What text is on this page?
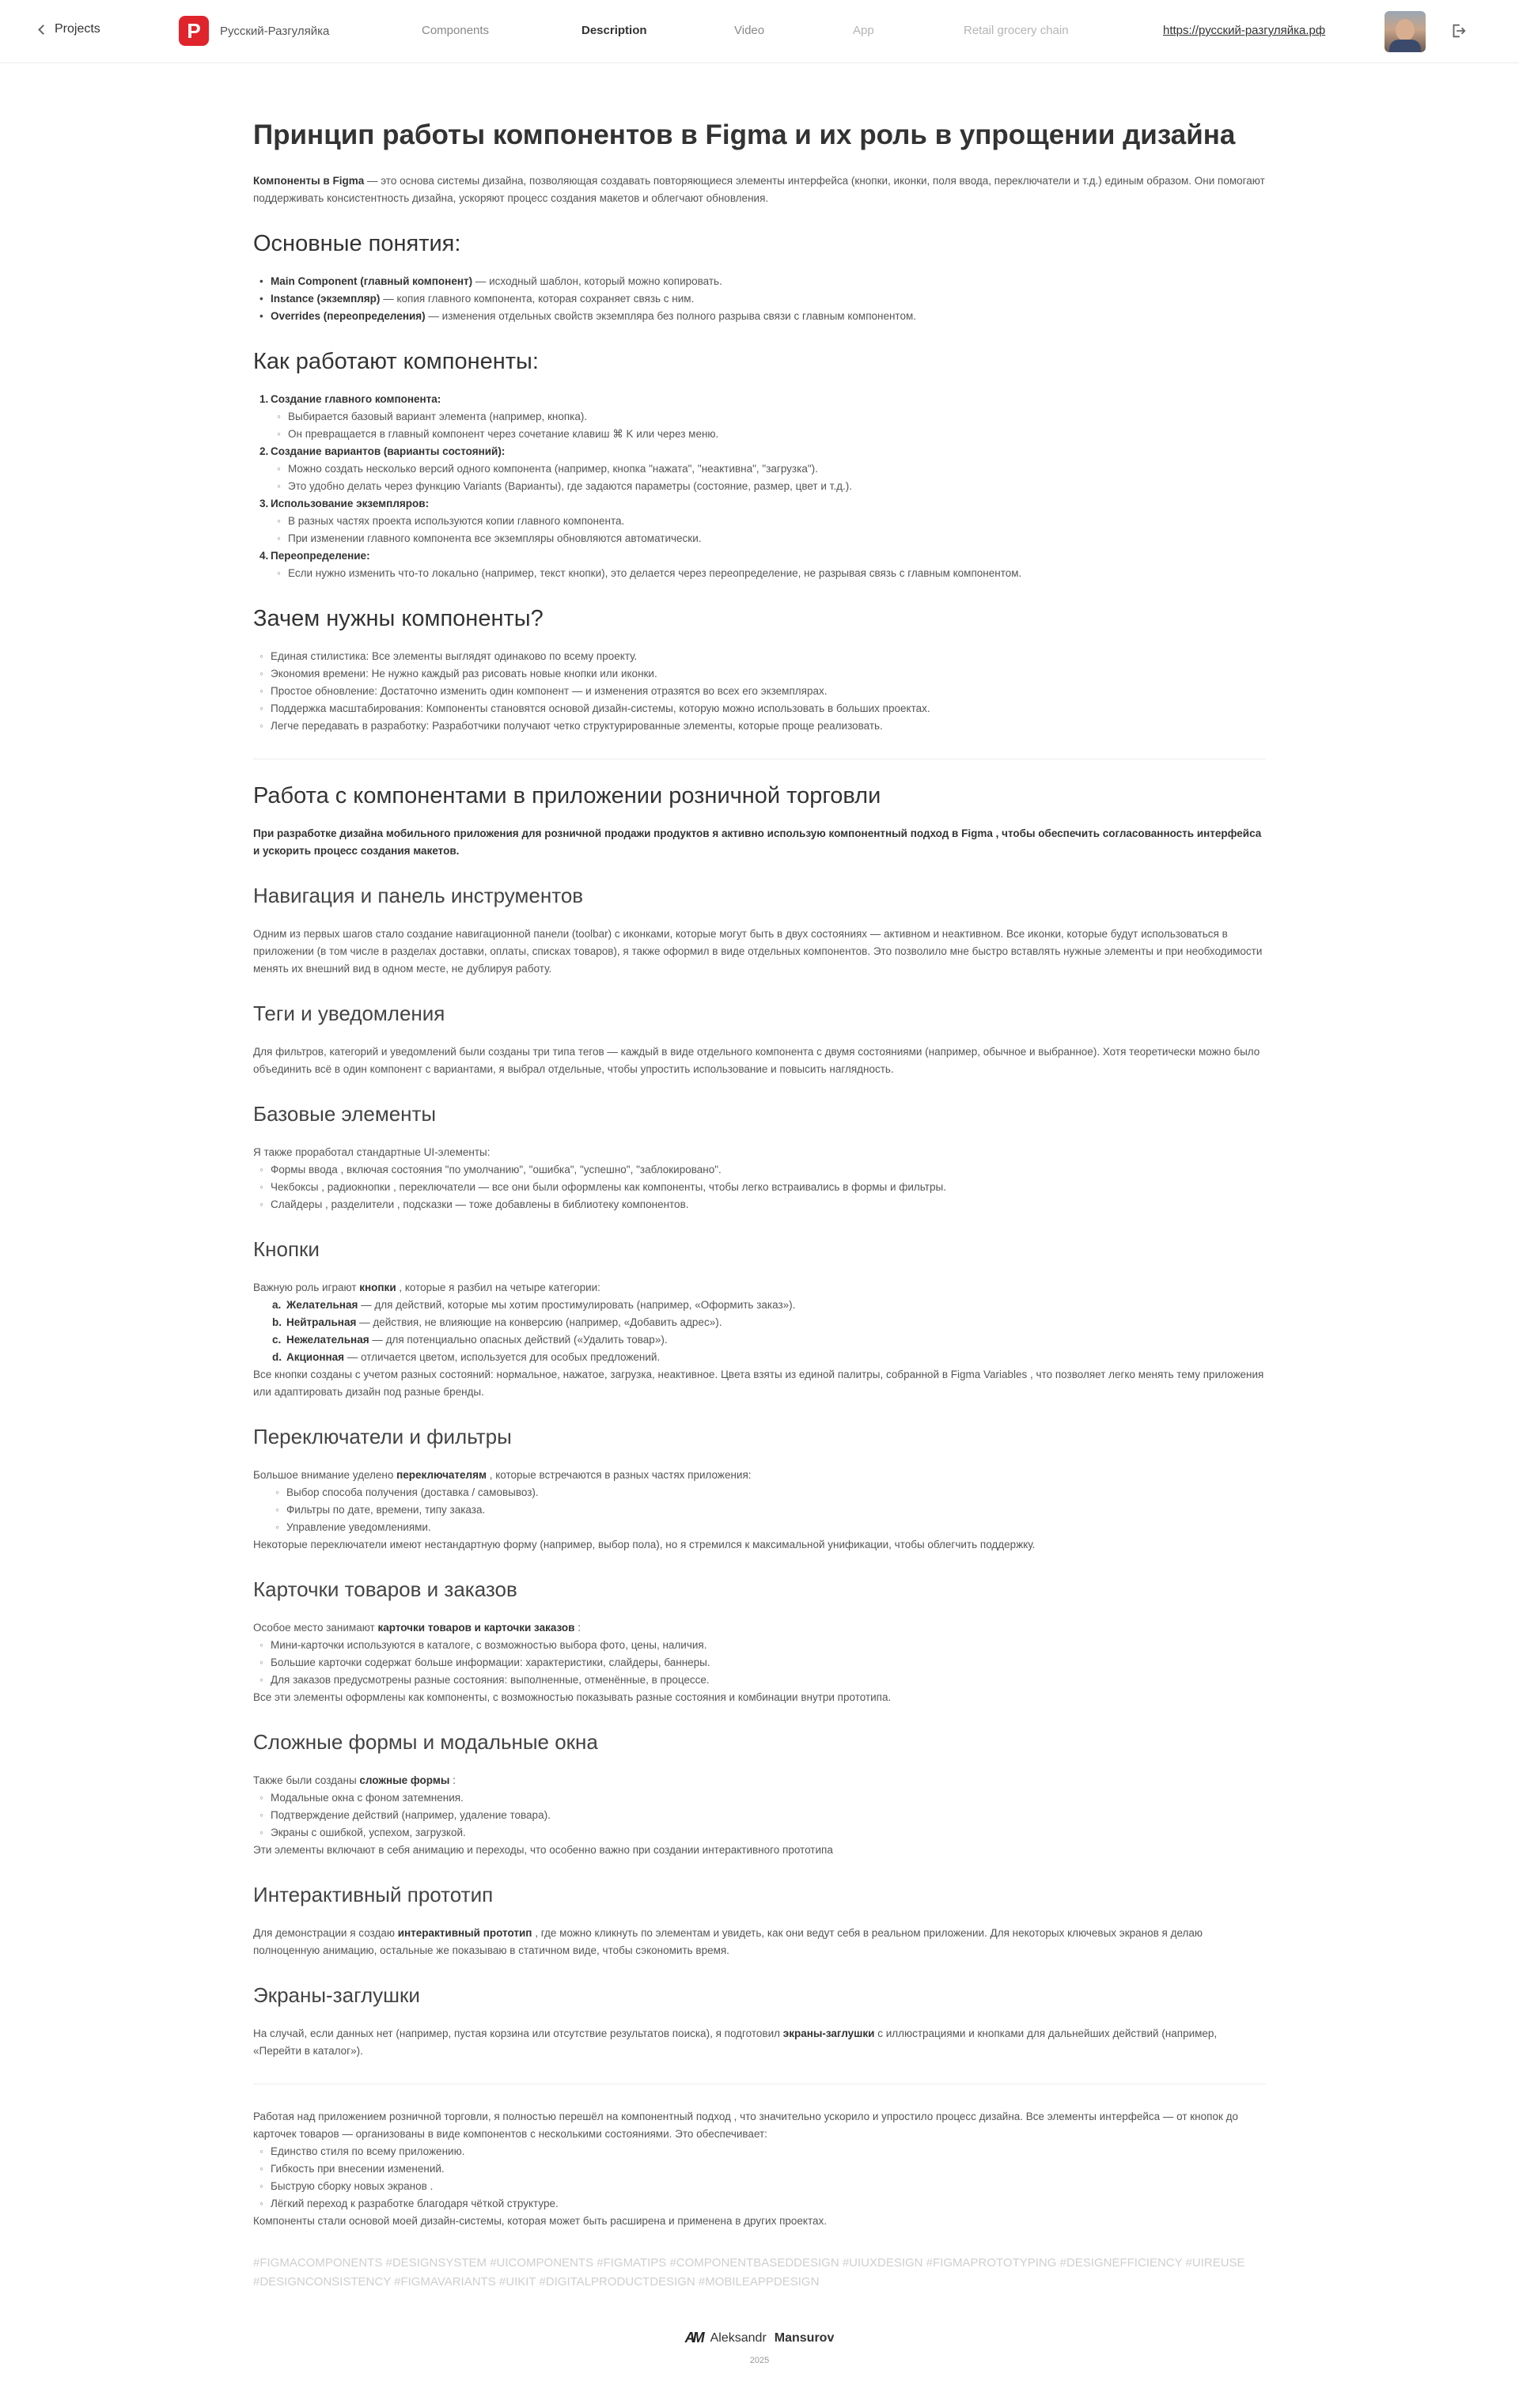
Projects	P	Русский-Разгуляйка	Components	Description	Video	App	Retail grocery chain	https://русский-разгуляйка.рф
Принцип работы компонентов в Figma и их роль в упрощении дизайна

Компоненты в Figma — это основа системы дизайна, позволяющая создавать повторяющиеся элементы интерфейса (кнопки, иконки, поля ввода, переключатели и т.д.) единым образом. Они помогают поддерживать консистентность дизайна, ускоряют процесс создания макетов и облегчают обновления.

Основные понятия:
• Main Component (главный компонент) — исходный шаблон, который можно копировать.
• Instance (экземпляр) — копия главного компонента, которая сохраняет связь с ним.
• Overrides (переопределения) — изменения отдельных свойств экземпляра без полного разрыва связи с главным компонентом.
Как работают компоненты:
1. Создание главного компонента:
◦ Выбирается базовый вариант элемента (например, кнопка).
◦ Он превращается в главный компонент через сочетание клавиш ⌘ K или через меню.
2. Создание вариантов (варианты состояний):
◦ Можно создать несколько версий одного компонента (например, кнопка "нажата", "неактивна", "загрузка").
◦ Это удобно делать через функцию Variants (Варианты), где задаются параметры (состояние, размер, цвет и т.д.).
3. Использование экземпляров:
◦ В разных частях проекта используются копии главного компонента.
◦ При изменении главного компонента все экземпляры обновляются автоматически.
4. Переопределение:
◦ Если нужно изменить что-то локально (например, текст кнопки), это делается через переопределение, не разрывая связь с главным компонентом.
Зачем нужны компоненты?
◦ Единая стилистика: Все элементы выглядят одинаково по всему проекту.
◦ Экономия времени: Не нужно каждый раз рисовать новые кнопки или иконки.
◦ Простое обновление: Достаточно изменить один компонент — и изменения отразятся во всех его экземплярах.
◦ Поддержка масштабирования: Компоненты становятся основой дизайн-системы, которую можно использовать в больших проектах.
◦ Легче передавать в разработку: Разработчики получают четко структурированные элементы, которые проще реализовать.
Работа с компонентами в приложении розничной торговли

При разработке дизайна мобильного приложения для розничной продажи продуктов я активно использую компонентный подход в Figma , чтобы обеспечить согласованность интерфейса и ускорить процесс создания макетов.

Навигация и панель инструментов

Одним из первых шагов стало создание навигационной панели (toolbar) с иконками, которые могут быть в двух состояниях — активном и неактивном. Все иконки, которые будут использоваться в приложении (в том числе в разделах доставки, оплаты, списках товаров), я также оформил в виде отдельных компонентов. Это позволило мне быстро вставлять нужные элементы и при необходимости менять их внешний вид в одном месте, не дублируя работу.

Теги и уведомления

Для фильтров, категорий и уведомлений были созданы три типа тегов — каждый в виде отдельного компонента с двумя состояниями (например, обычное и выбранное). Хотя теоретически можно было объединить всё в один компонент с вариантами, я выбрал отдельные, чтобы упростить использование и повысить наглядность.

Базовые элементы

Я также проработал стандартные UI-элементы:

◦ Формы ввода , включая состояния "по умолчанию", "ошибка", "успешно", "заблокировано".
◦ Чекбоксы , радиокнопки , переключатели — все они были оформлены как компоненты, чтобы легко встраивались в формы и фильтры.
◦ Слайдеры , разделители , подсказки — тоже добавлены в библиотеку компонентов.
Кнопки

Важную роль играют кнопки , которые я разбил на четыре категории:

a. Желательная — для действий, которые мы хотим простимулировать (например, «Оформить заказ»).
b. Нейтральная — действия, не влияющие на конверсию (например, «Добавить адрес»).
c. Нежелательная — для потенциально опасных действий («Удалить товар»).
d. Акционная — отличается цветом, используется для особых предложений.

Все кнопки созданы с учетом разных состояний: нормальное, нажатое, загрузка, неактивное. Цвета взяты из единой палитры, собранной в Figma Variables , что позволяет легко менять тему приложения или адаптировать дизайн под разные бренды.

Переключатели и фильтры

Большое внимание уделено переключателям , которые встречаются в разных частях приложения:

◦ Выбор способа получения (доставка / самовывоз).
◦ Фильтры по дате, времени, типу заказа.
◦ Управление уведомлениями.

Некоторые переключатели имеют нестандартную форму (например, выбор пола), но я стремился к максимальной унификации, чтобы облегчить поддержку.

Карточки товаров и заказов

Особое место занимают карточки товаров и карточки заказов :

◦ Мини-карточки используются в каталоге, с возможностью выбора фото, цены, наличия.
◦ Большие карточки содержат больше информации: характеристики, слайдеры, баннеры.
◦ Для заказов предусмотрены разные состояния: выполненные, отменённые, в процессе.

Все эти элементы оформлены как компоненты, с возможностью показывать разные состояния и комбинации внутри прототипа.

Сложные формы и модальные окна

Также были созданы сложные формы :

◦ Модальные окна с фоном затемнения.
◦ Подтверждение действий (например, удаление товара).
◦ Экраны с ошибкой, успехом, загрузкой.

Эти элементы включают в себя анимацию и переходы, что особенно важно при создании интерактивного прототипа

Интерактивный прототип

Для демонстрации я создаю интерактивный прототип , где можно кликнуть по элементам и увидеть, как они ведут себя в реальном приложении. Для некоторых ключевых экранов я делаю полноценную анимацию, остальные же показываю в статичном виде, чтобы сэкономить время.

Экраны-заглушки

На случай, если данных нет (например, пустая корзина или отсутствие результатов поиска), я подготовил экраны-заглушки с иллюстрациями и кнопками для дальнейших действий (например, «Перейти в каталог»).

Работая над приложением розничной торговли, я полностью перешёл на компонентный подход , что значительно ускорило и упростило процесс дизайна. Все элементы интерфейса — от кнопок до карточек товаров — организованы в виде компонентов с несколькими состояниями. Это обеспечивает:

◦ Единство стиля по всему приложению.
◦ Гибкость при внесении изменений.
◦ Быструю сборку новых экранов .
◦ Лёгкий переход к разработке благодаря чёткой структуре.

Компоненты стали основой моей дизайн-системы, которая может быть расширена и применена в других проектах.

#FIGMACOMPONENTS #DESIGNSYSTEM #UICOMPONENTS #FIGMATIPS #COMPONENTBASEDDESIGN #UIUXDESIGN #FIGMAPROTOTYPING #DESIGNEFFICIENCY #UIREUSE #DESIGNCONSISTENCY #FIGMAVARIANTS #UIKIT #DIGITALPRODUCTDESIGN #MOBILEAPPDESIGN
AM Aleksandr Mansurov
2025
